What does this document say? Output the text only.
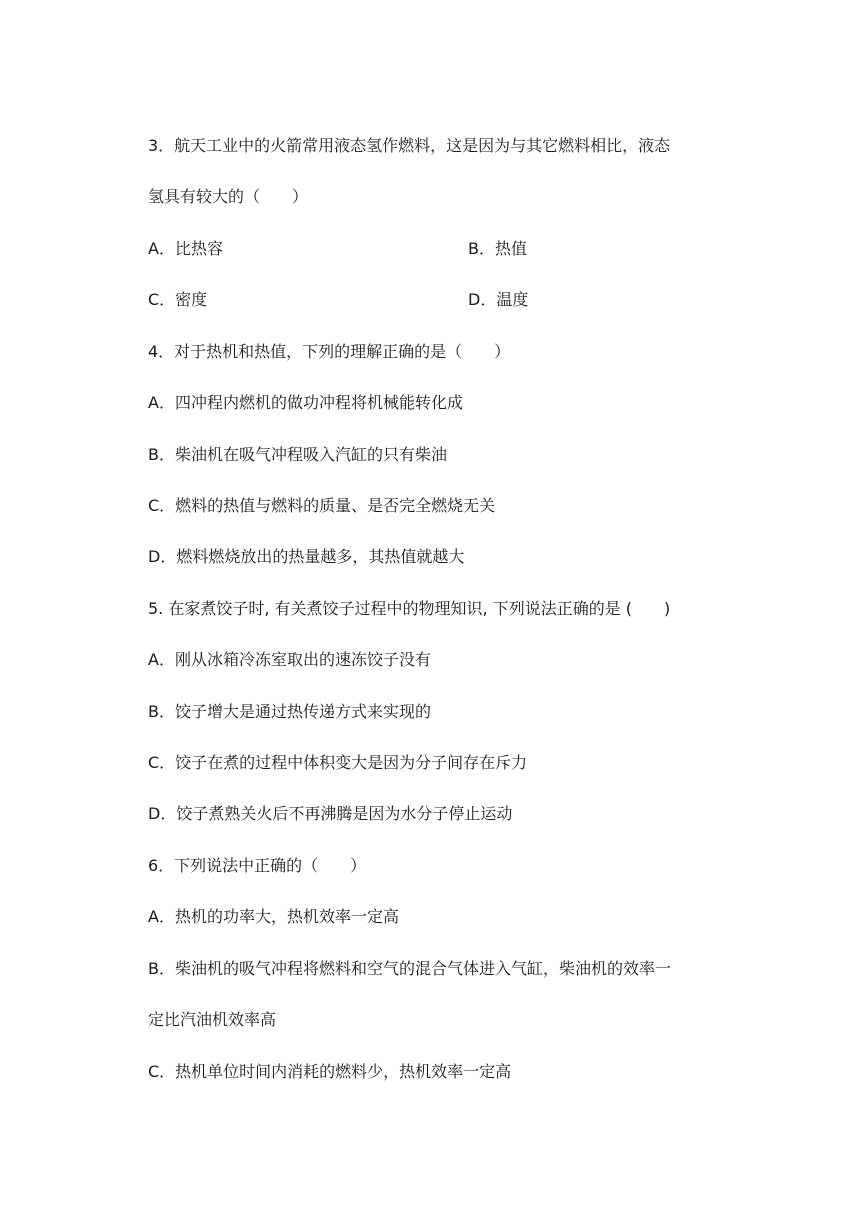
3．航天工业中的火箭常用液态氢作燃料，这是因为与其它燃料相比，液态
氢具有较大的（　　）
A．比热容	B．热值
C．密度	D．温度
4．对于热机和热值，下列的理解正确的是（　　）
A．四冲程内燃机的做功冲程将机械能转化成
B．柴油机在吸气冲程吸入汽缸的只有柴油
C．燃料的热值与燃料的质量、是否完全燃烧无关
D．燃料燃烧放出的热量越多，其热值就越大
5. 在家煮饺子时, 有关煮饺子过程中的物理知识, 下列说法正确的是 (　　)
A．刚从冰箱冷冻室取出的速冻饺子没有
B．饺子增大是通过热传递方式来实现的
C．饺子在煮的过程中体积变大是因为分子间存在斥力
D．饺子煮熟关火后不再沸腾是因为水分子停止运动
6．下列说法中正确的（　　）
A．热机的功率大，热机效率一定高
B．柴油机的吸气冲程将燃料和空气的混合气体进入气缸，柴油机的效率一
定比汽油机效率高
C．热机单位时间内消耗的燃料少，热机效率一定高
